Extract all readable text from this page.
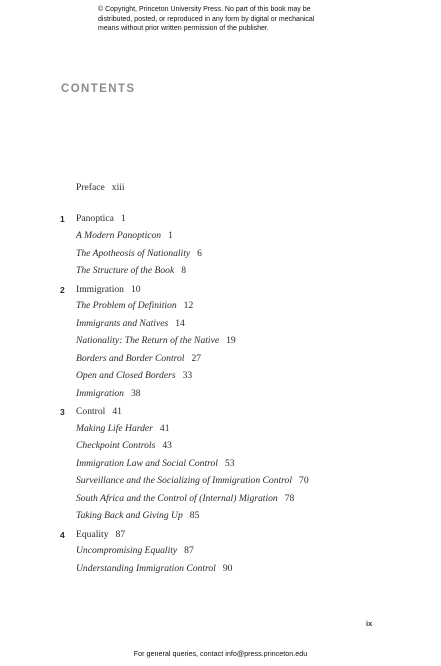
© Copyright, Princeton University Press. No part of this book may be
distributed, posted, or reproduced in any form by digital or mechanical
means without prior written permission of the publisher.
CONTENTS
Preface xiii
1 Panoptica 1
A Modern Panopticon 1
The Apotheosis of Nationality 6
The Structure of the Book 8
2 Immigration 10
The Problem of Definition 12
Immigrants and Natives 14
Nationality: The Return of the Native 19
Borders and Border Control 27
Open and Closed Borders 33
Immigration 38
3 Control 41
Making Life Harder 41
Checkpoint Controls 43
Immigration Law and Social Control 53
Surveillance and the Socializing of Immigration Control 70
South Africa and the Control of (Internal) Migration 78
Taking Back and Giving Up 85
4 Equality 87
Uncompromising Equality 87
Understanding Immigration Control 90
ix
For general queries, contact info@press.princeton.edu
